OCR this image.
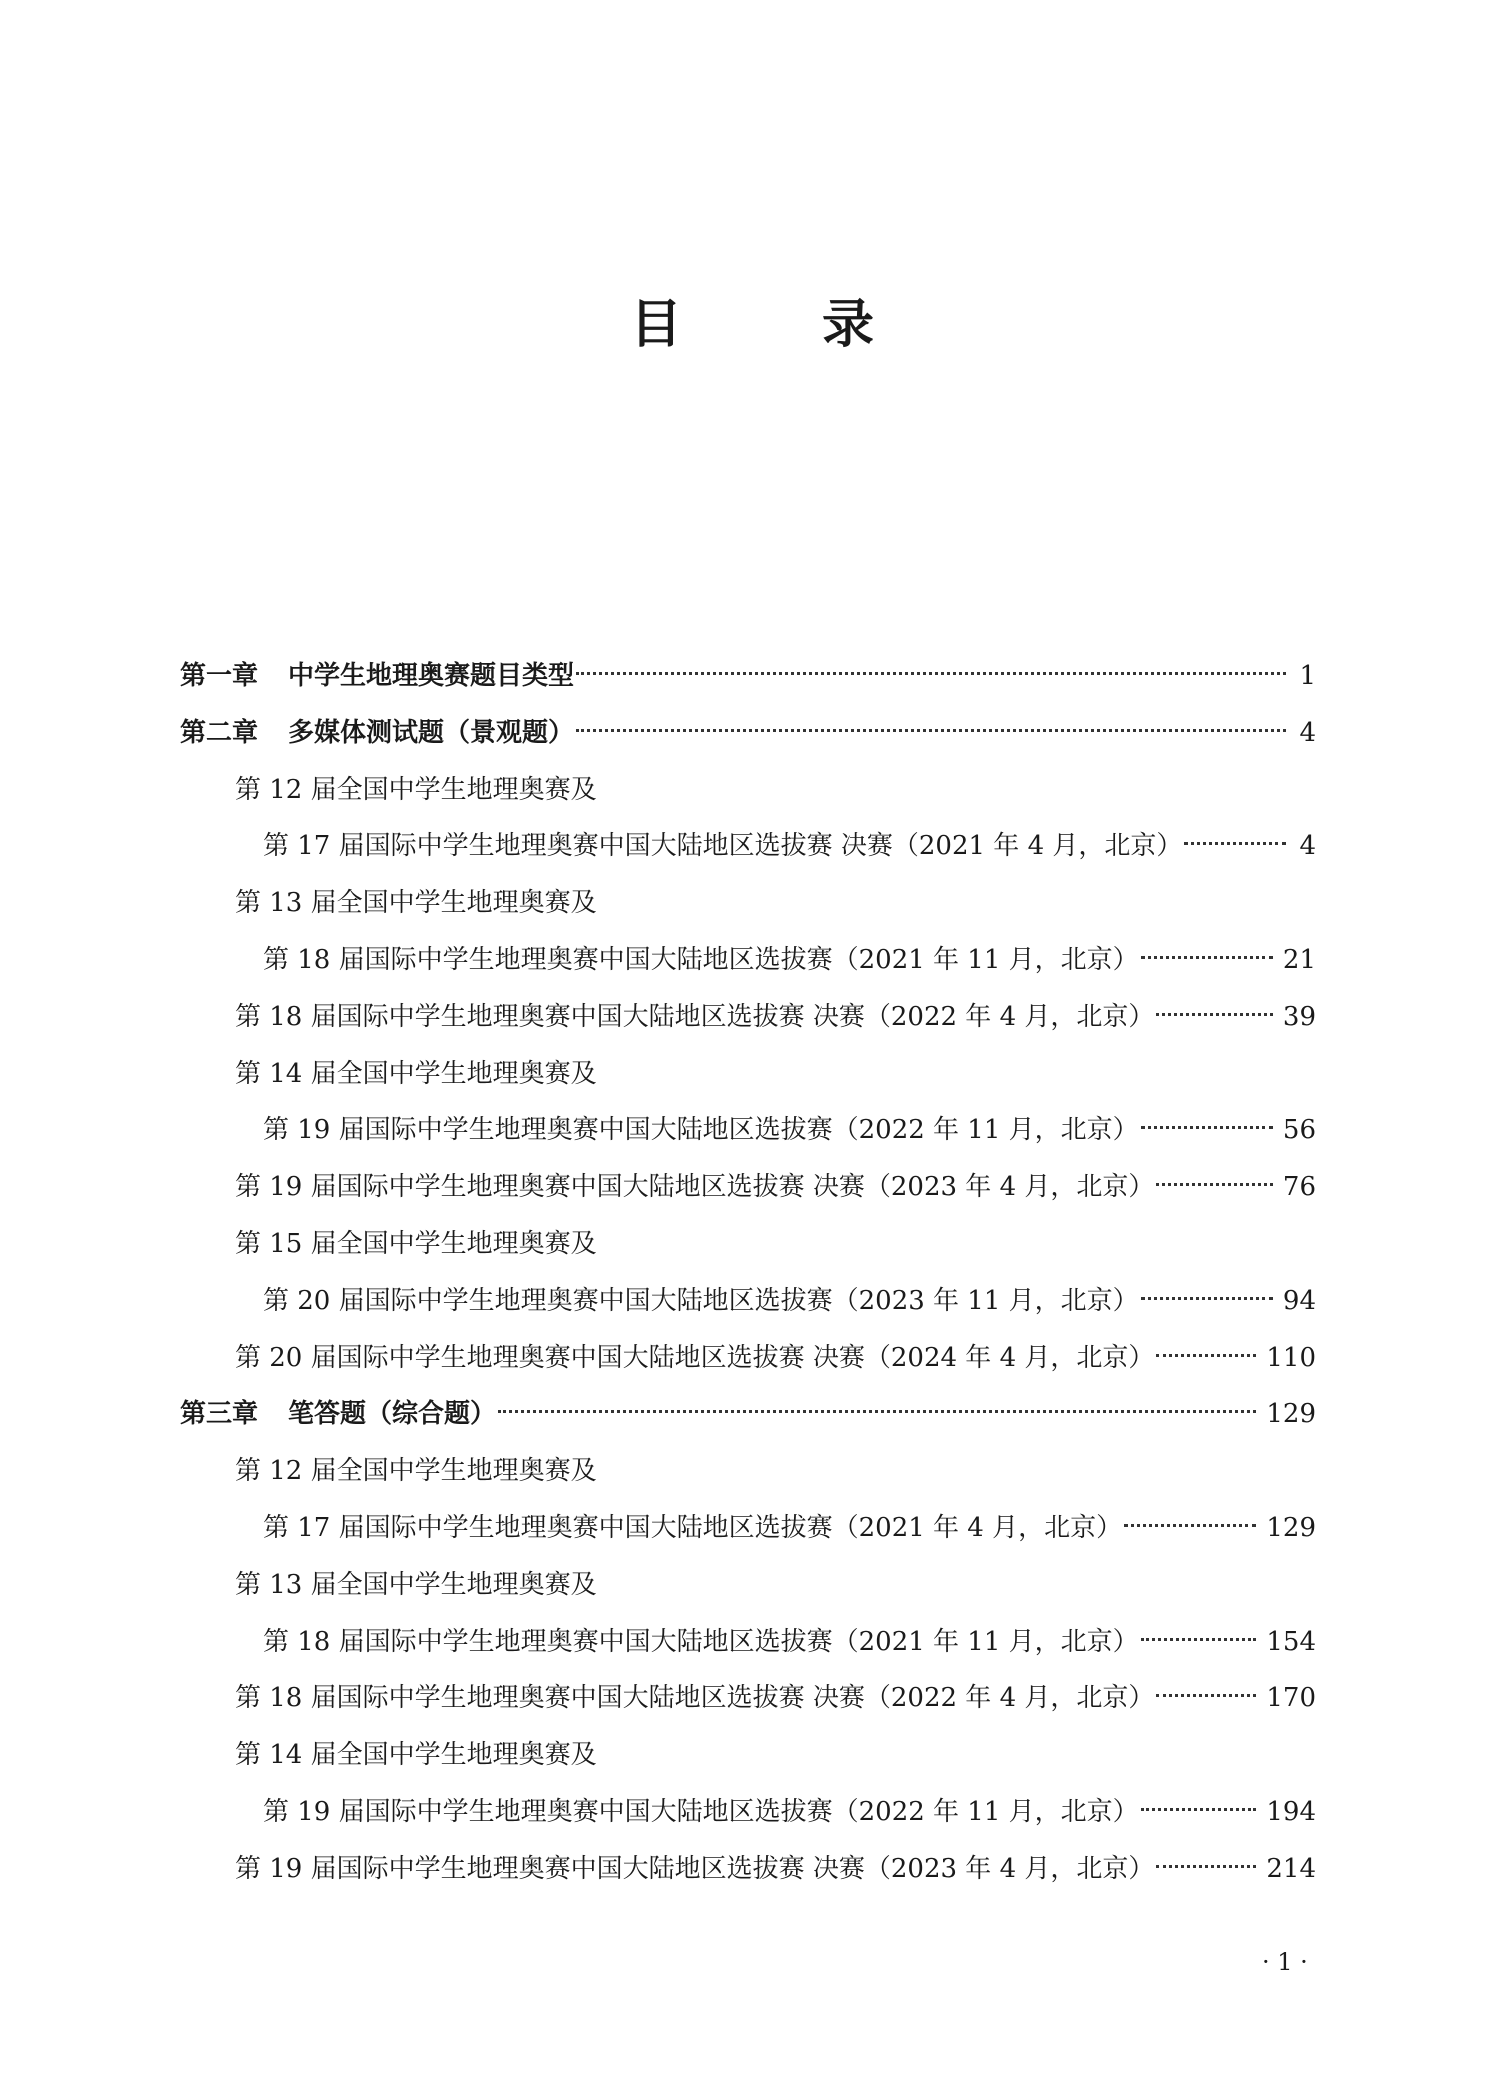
目　录
第一章 中学生地理奥赛题目类型	1
第二章 多媒体测试题（景观题）	4
第 12 届全国中学生地理奥赛及
第 17 届国际中学生地理奥赛中国大陆地区选拔赛 决赛（2021 年 4 月，北京）	4
第 13 届全国中学生地理奥赛及
第 18 届国际中学生地理奥赛中国大陆地区选拔赛（2021 年 11 月，北京）	21
第 18 届国际中学生地理奥赛中国大陆地区选拔赛 决赛（2022 年 4 月，北京）	39
第 14 届全国中学生地理奥赛及
第 19 届国际中学生地理奥赛中国大陆地区选拔赛（2022 年 11 月，北京）	56
第 19 届国际中学生地理奥赛中国大陆地区选拔赛 决赛（2023 年 4 月，北京）	76
第 15 届全国中学生地理奥赛及
第 20 届国际中学生地理奥赛中国大陆地区选拔赛（2023 年 11 月，北京）	94
第 20 届国际中学生地理奥赛中国大陆地区选拔赛 决赛（2024 年 4 月，北京）	110
第三章 笔答题（综合题）	129
第 12 届全国中学生地理奥赛及
第 17 届国际中学生地理奥赛中国大陆地区选拔赛（2021 年 4 月，北京）	129
第 13 届全国中学生地理奥赛及
第 18 届国际中学生地理奥赛中国大陆地区选拔赛（2021 年 11 月，北京）	154
第 18 届国际中学生地理奥赛中国大陆地区选拔赛 决赛（2022 年 4 月，北京）	170
第 14 届全国中学生地理奥赛及
第 19 届国际中学生地理奥赛中国大陆地区选拔赛（2022 年 11 月，北京）	194
第 19 届国际中学生地理奥赛中国大陆地区选拔赛 决赛（2023 年 4 月，北京）	214
· 1 ·
